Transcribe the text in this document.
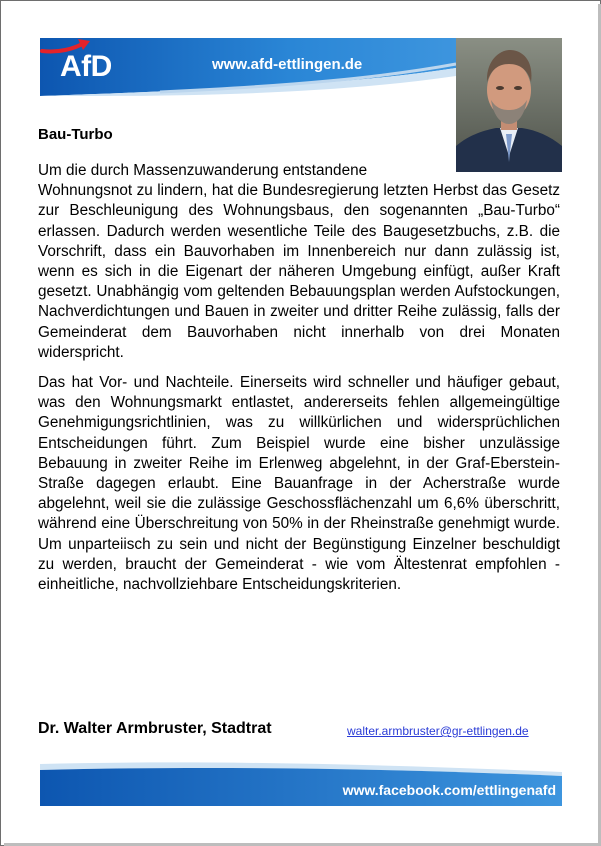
AfD	www.afd-ettlingen.de
Bau-Turbo

Um die durch Massenzuwanderung entstandene
Wohnungsnot zu lindern, hat die Bundesregierung letzten Herbst das Gesetz zur Beschleunigung des Wohnungsbaus, den sogenannten „Bau-Turbo“ erlassen. Dadurch werden wesentliche Teile des Baugesetzbuchs, z.B. die Vorschrift, dass ein Bauvorhaben im Innenbereich nur dann zulässig ist, wenn es sich in die Eigenart der näheren Umgebung einfügt, außer Kraft gesetzt. Unabhängig vom geltenden Bebauungsplan werden Aufstockungen, Nachverdichtungen und Bauen in zweiter und dritter Reihe zulässig, falls der Gemeinderat dem Bauvorhaben nicht innerhalb von drei Monaten widerspricht.

Das hat Vor- und Nachteile. Einerseits wird schneller und häufiger gebaut, was den Wohnungsmarkt entlastet, andererseits fehlen allgemeingültige Genehmigungsrichtlinien, was zu willkürlichen und widersprüchlichen Entscheidungen führt. Zum Beispiel wurde eine bisher unzulässige Bebauung in zweiter Reihe im Erlenweg abgelehnt, in der Graf-Eberstein-Straße dagegen erlaubt. Eine Bauanfrage in der Acherstraße wurde abgelehnt, weil sie die zulässige Geschossflächenzahl um 6,6% überschritt, während eine Überschreitung von 50% in der Rheinstraße genehmigt wurde. Um unparteiisch zu sein und nicht der Begünstigung Einzelner beschuldigt zu werden, braucht der Gemeinderat - wie vom Ältestenrat empfohlen - einheitliche, nachvollziehbare Entscheidungskriterien.

Dr. Walter Armbruster, Stadtrat	walter.armbruster@gr-ettlingen.de
www.facebook.com/ettlingenafd
